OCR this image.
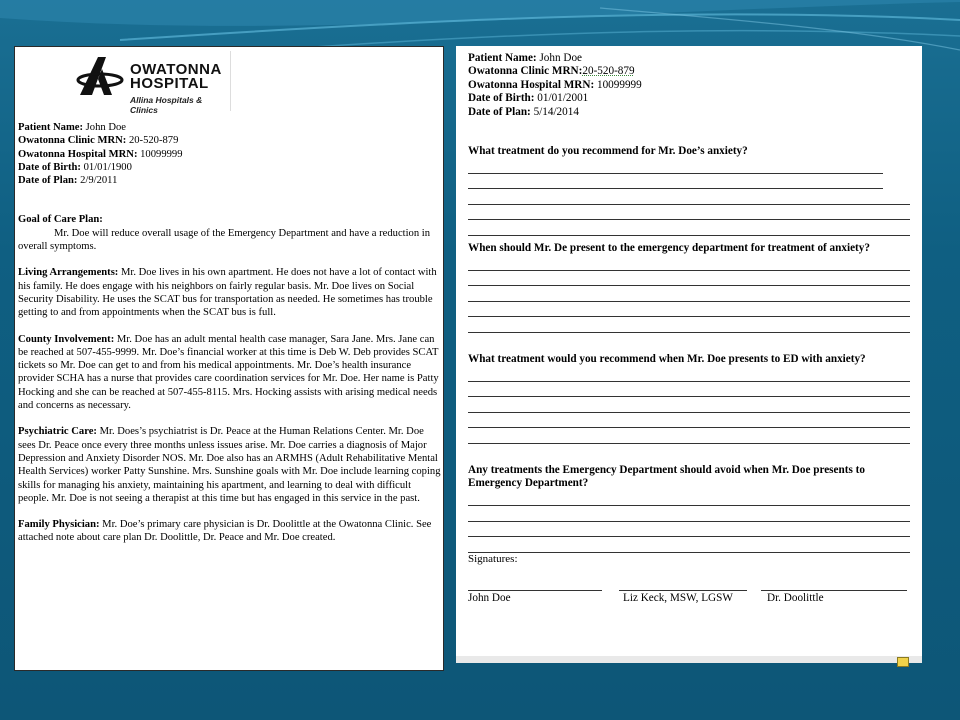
OWATONNA
HOSPITAL
Allina Hospitals & Clinics

Patient Name: John Doe

Owatonna Clinic MRN: 20-520-879

Owatonna Hospital MRN: 10099999

Date of Birth: 01/01/1900

Date of Plan: 2/9/2011

Goal of Care Plan:

Mr. Doe will reduce overall usage of the Emergency Department and have a reduction in overall symptoms.

Living Arrangements: Mr. Doe lives in his own apartment. He does not have a lot of contact with his family. He does engage with his neighbors on fairly regular basis. Mr. Doe lives on Social Security Disability. He uses the SCAT bus for transportation as needed. He sometimes has trouble getting to and from appointments when the SCAT bus is full.

County Involvement: Mr. Doe has an adult mental health case manager, Sara Jane. Mrs. Jane can be reached at 507-455-9999. Mr. Doe’s financial worker at this time is Deb W. Deb provides SCAT tickets so Mr. Doe can get to and from his medical appointments. Mr. Doe’s health insurance provider SCHA has a nurse that provides care coordination services for Mr. Doe. Her name is Patty Hocking and she can be reached at 507-455-8115. Mrs. Hocking assists with arising medical needs and concerns as necessary.

Psychiatric Care: Mr. Does’s psychiatrist is Dr. Peace at the Human Relations Center. Mr. Doe sees Dr. Peace once every three months unless issues arise. Mr. Doe carries a diagnosis of Major Depression and Anxiety Disorder NOS. Mr. Doe also has an ARMHS (Adult Rehabilitative Mental Health Services) worker Patty Sunshine. Mrs. Sunshine goals with Mr. Doe include learning coping skills for managing his anxiety, maintaining his apartment, and learning to deal with difficult people. Mr. Doe is not seeing a therapist at this time but has engaged in this service in the past.

Family Physician: Mr. Doe’s primary care physician is Dr. Doolittle at the Owatonna Clinic. See attached note about care plan Dr. Doolittle, Dr. Peace and Mr. Doe created.

Patient Name: John Doe

Owatonna Clinic MRN:20-520-879

Owatonna Hospital MRN: 10099999

Date of Birth: 01/01/2001

Date of Plan: 5/14/2014

What treatment do you recommend for Mr. Doe’s anxiety?

When should Mr. De present to the emergency department for treatment of anxiety?

What treatment would you recommend when Mr. Doe presents to ED with anxiety?

Any treatments the Emergency Department should avoid when Mr. Doe presents to Emergency Department?

Signatures:

John Doe	Liz Keck, MSW, LGSW	Dr. Doolittle
